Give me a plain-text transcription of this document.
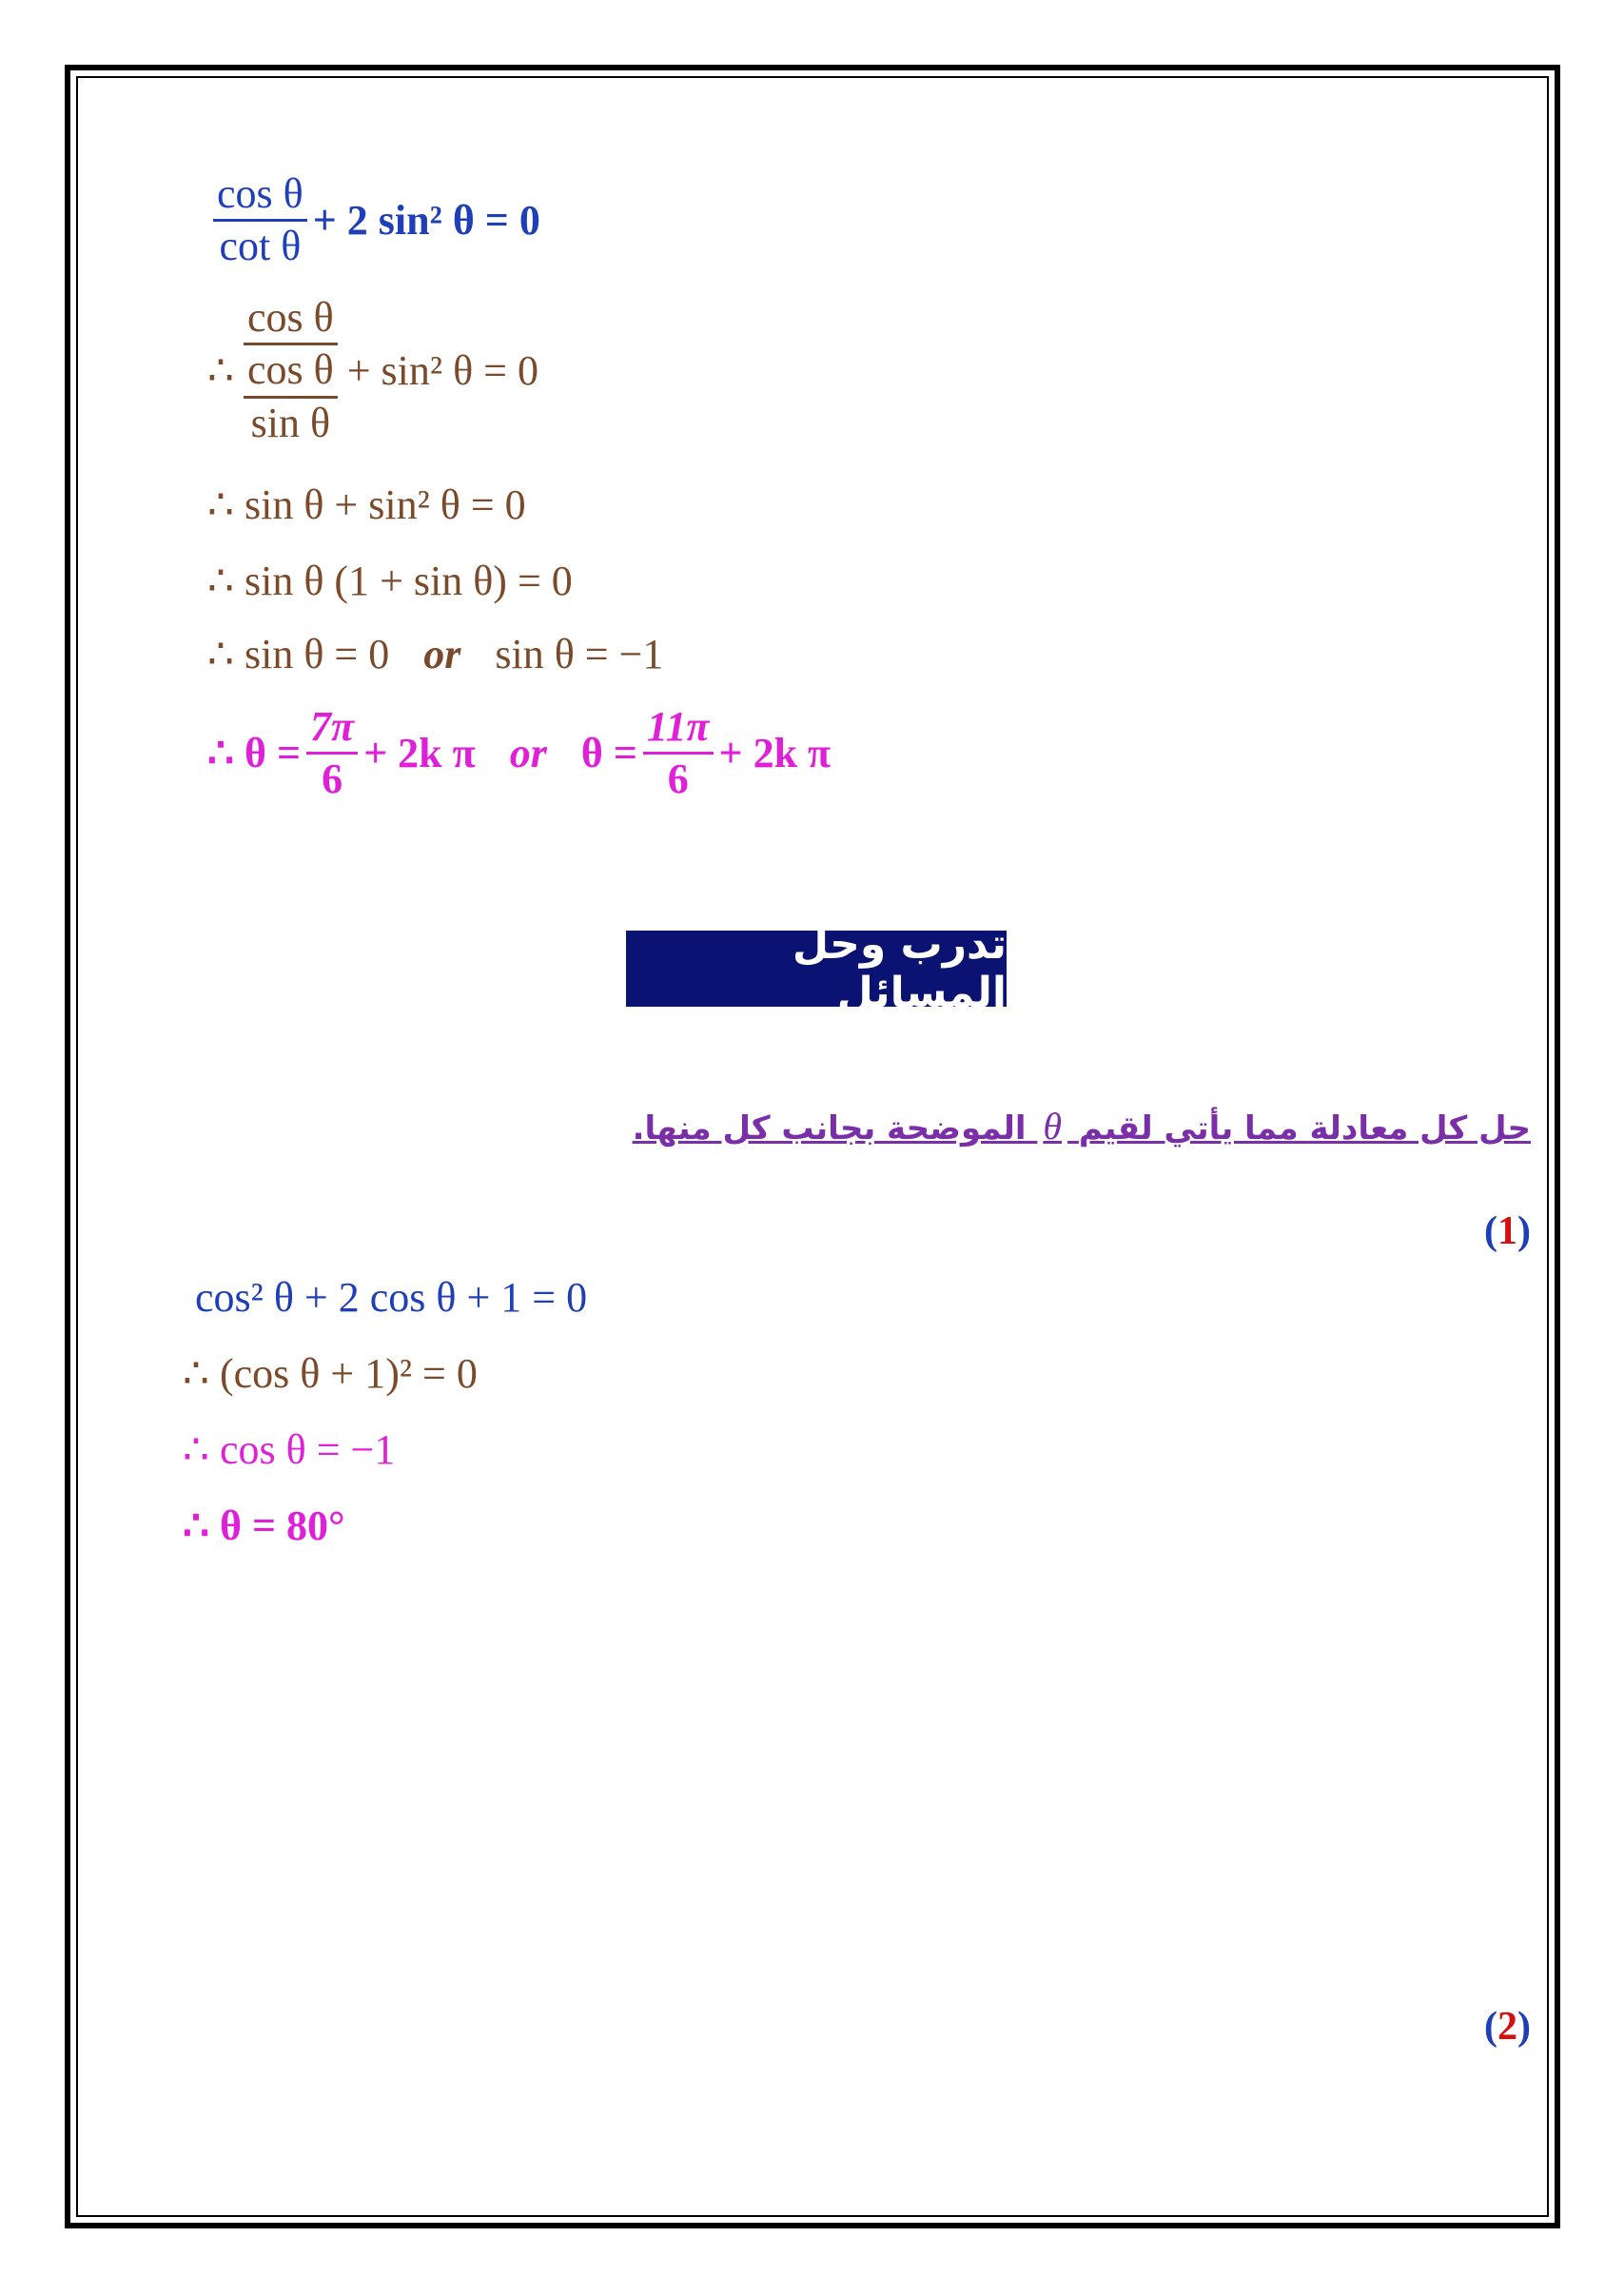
$\frac{\text{cos θ}}{\text{cot θ}} + 2$ sin² θ = 0
∴ $\frac{\text{cos θ}}{\frac{\text{cos θ}}{\text{sin θ}}} + \sin^2$ θ = 0
∴ sin θ + sin² θ = 0
∴ sin θ (1 + sin θ) = 0
∴ sin θ = 0 or sin θ = −1
∴ $\theta = \frac{7\pi}{6} + 2k$ π or $\theta = \frac{11\pi}{6} + 2k$ π
تدرب وحل المسائل
حل كل معادلة مما يأتي لقيم θ الموضحة بجانب كل منها.
(1)
cos² θ + 2 cos θ + 1 = 0
∴ (cos θ + 1)² = 0
∴ cos θ = −1
∴ θ = 80°
(2)
